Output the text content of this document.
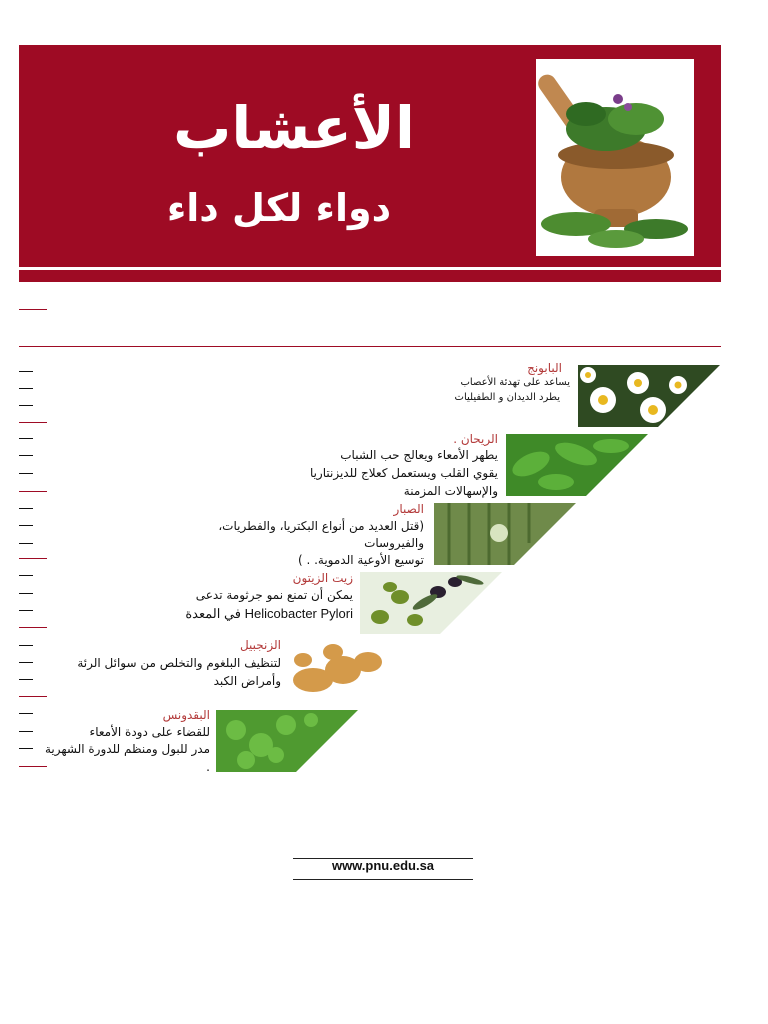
الأعشاب

دواء لكل داء

البابونج

يساعد على تهدئة الأعصاب

يطرد الديدان و الطفيليات

الريحان .

يطهر الأمعاء ويعالج حب الشباب

يقوي القلب ويستعمل كعلاج للديزنتاريا

والإسهالات المزمنة

الصبار

(قتل العديد من أنواع البكتريا، والفطريات،

والفيروسات

توسيع الأوعية الدموية. . )

زيت الزيتون

يمكن أن تمنع نمو جرثومة تدعى

Helicobacter Pylori في المعدة

الزنجبيل

لتنظيف البلغوم والتخلص من سوائل الرئة

وأمراض الكبد

البقدونس

للقضاء على دودة الأمعاء

مدر للبول ومنظم للدورة الشهرية

.

www.pnu.edu.sa
